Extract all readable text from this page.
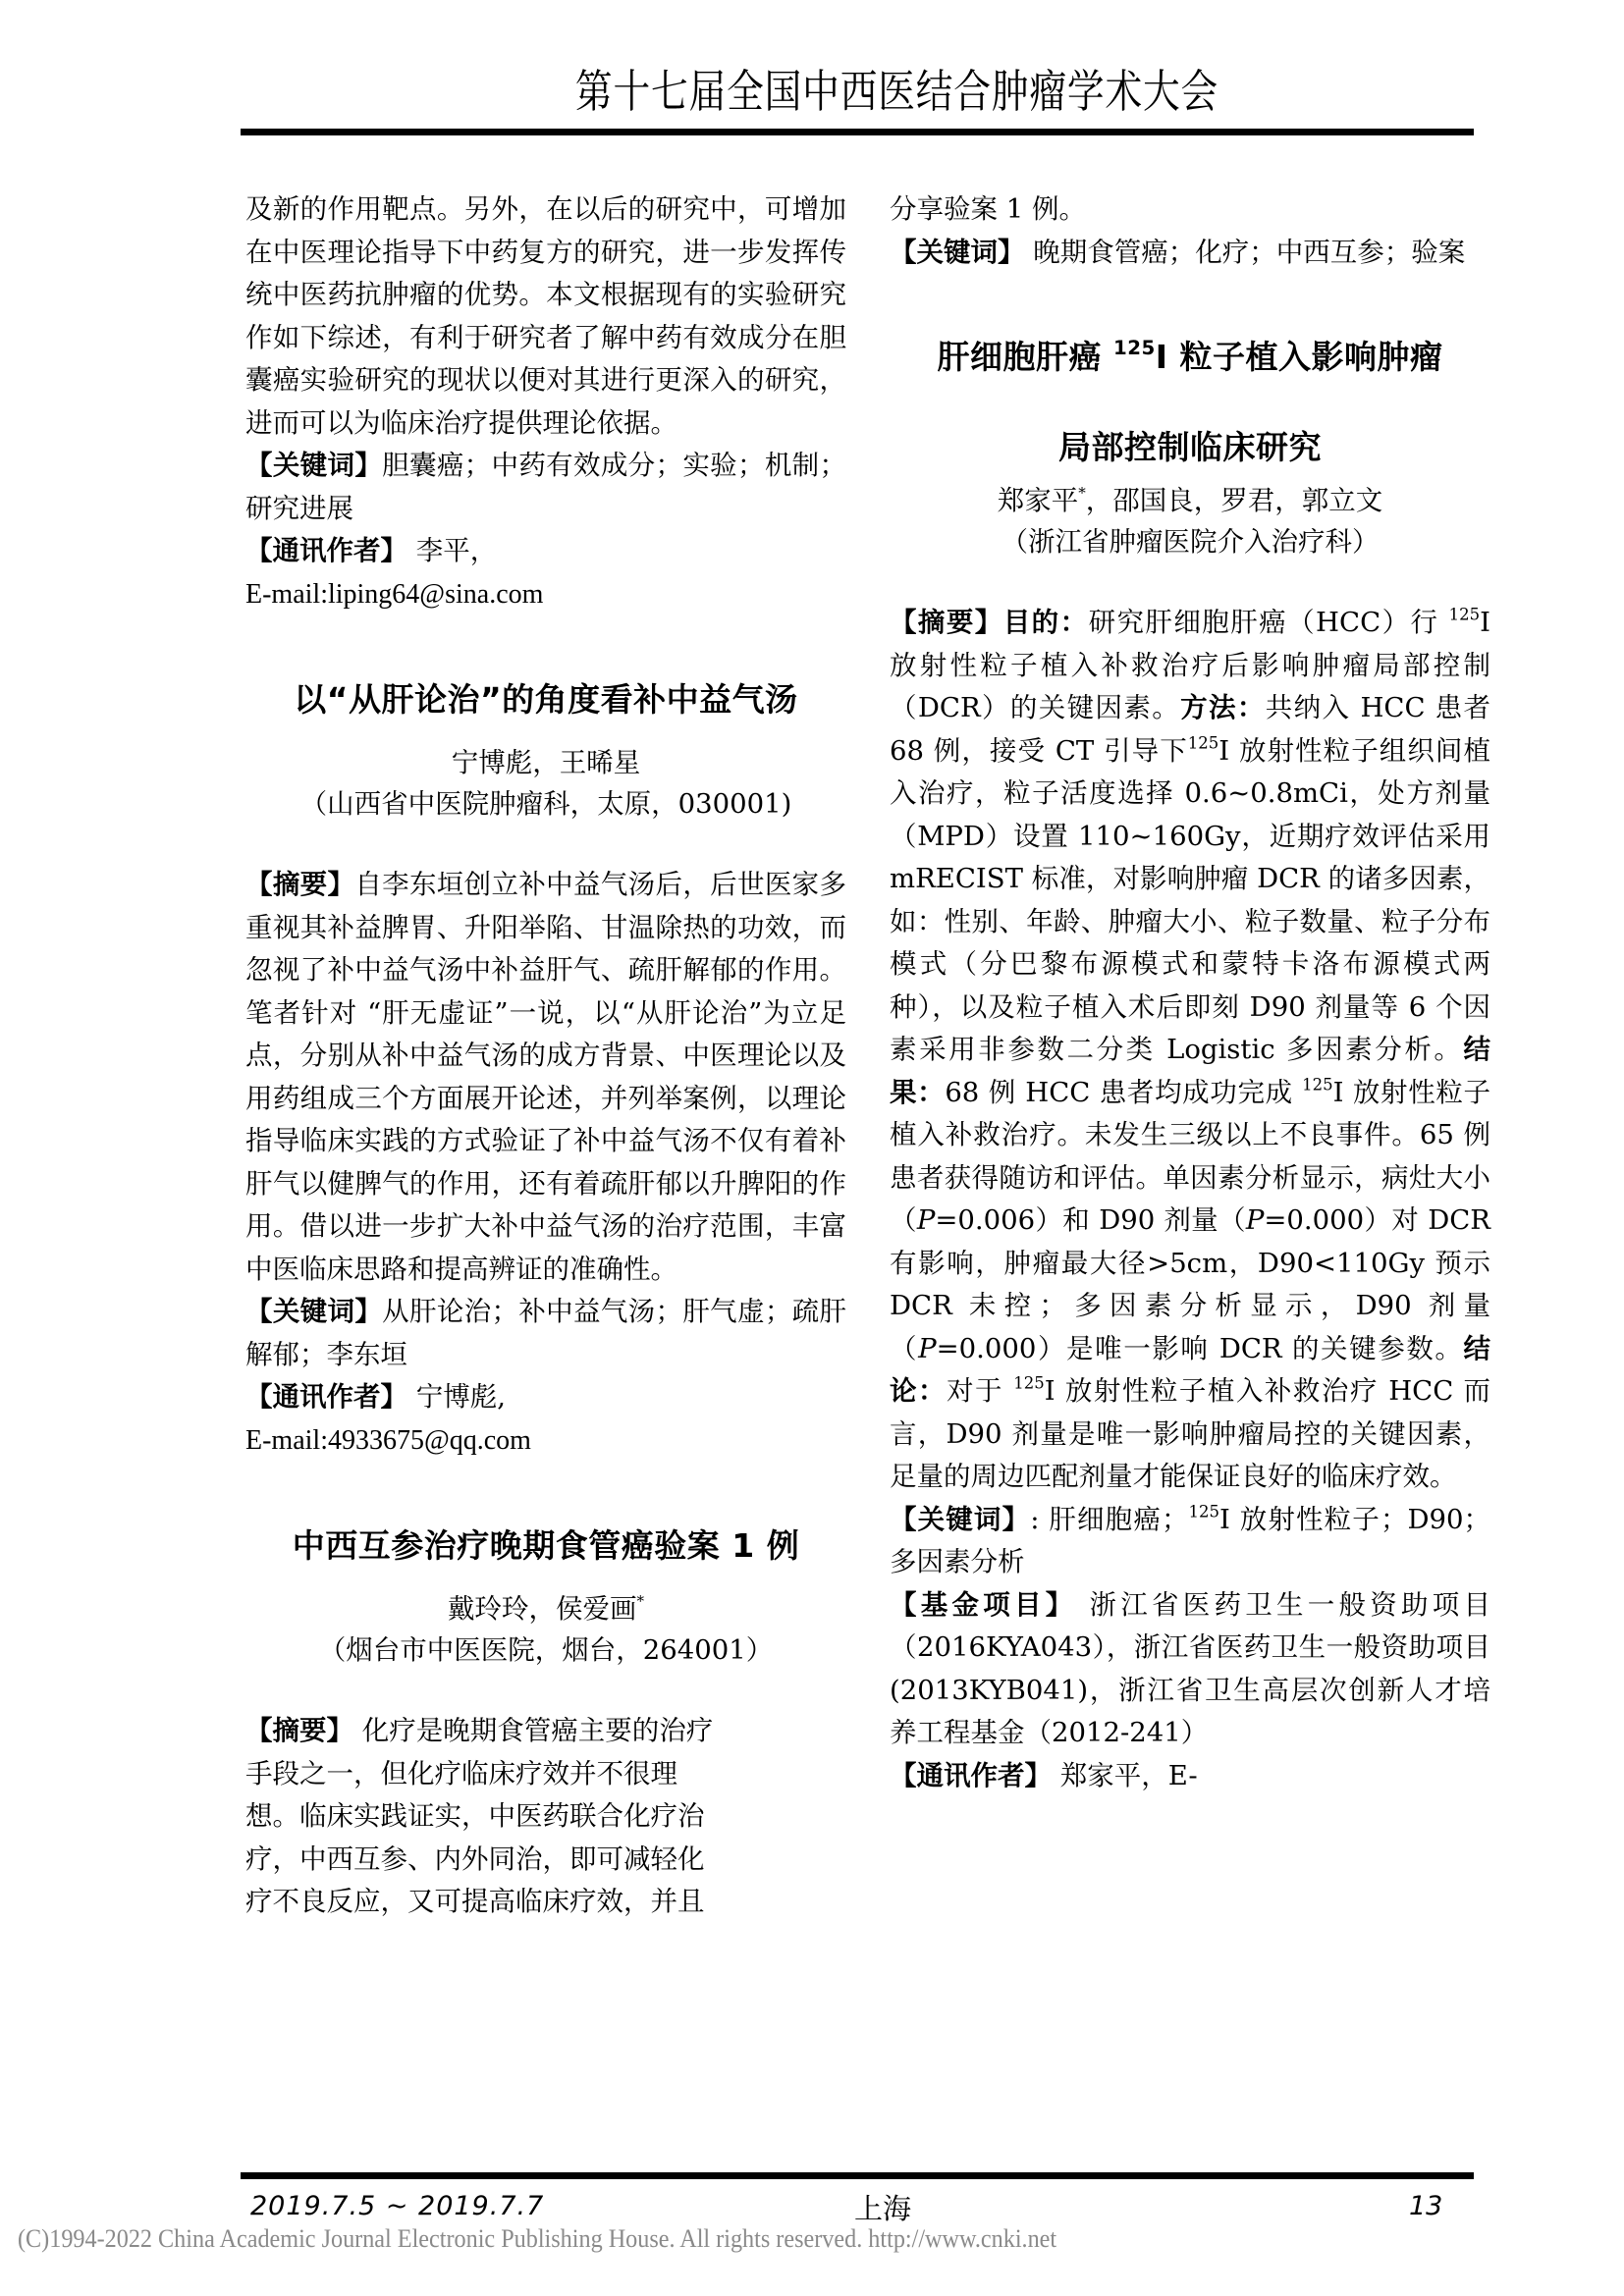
第十七届全国中西医结合肿瘤学术大会

及新的作用靶点。另外，在以后的研究中，可增加在中医理论指导下中药复方的研究，进一步发挥传统中医药抗肿瘤的优势。本文根据现有的实验研究作如下综述，有利于研究者了解中药有效成分在胆囊癌实验研究的现状以便对其进行更深入的研究，进而可以为临床治疗提供理论依据。

【关键词】胆囊癌；中药有效成分；实验；机制；研究进展

【通讯作者】 李平，

E-mail:liping64@sina.com
以“从肝论治”的角度看补中益气汤

宁博彪，王晞星

（山西省中医院肿瘤科，太原，030001)

【摘要】自李东垣创立补中益气汤后，后世医家多重视其补益脾胃、升阳举陷、甘温除热的功效，而忽视了补中益气汤中补益肝气、疏肝解郁的作用。笔者针对 “肝无虚证”一说，以“从肝论治”为立足点，分别从补中益气汤的成方背景、中医理论以及用药组成三个方面展开论述，并列举案例，以理论指导临床实践的方式验证了补中益气汤不仅有着补肝气以健脾气的作用，还有着疏肝郁以升脾阳的作用。借以进一步扩大补中益气汤的治疗范围，丰富中医临床思路和提高辨证的准确性。

【关键词】从肝论治；补中益气汤；肝气虚；疏肝解郁；李东垣

【通讯作者】 宁博彪,

E-mail:4933675@qq.com
中西互参治疗晚期食管癌验案 1 例

戴玲玲，侯爱画*

（烟台市中医医院，烟台，264001）

【摘要】 化疗是晚期食管癌主要的治疗
手段之一，但化疗临床疗效并不很理
想。临床实践证实，中医药联合化疗治
疗，中西互参、内外同治，即可减轻化
疗不良反应，又可提高临床疗效，并且

分享验案 1 例。

【关键词】 晚期食管癌；化疗；中西互参；验案

肝细胞肝癌 $^{125}$I 粒子植入影响肿瘤
局部控制临床研究

郑家平*，邵国良，罗君，郭立文

（浙江省肿瘤医院介入治疗科）

【摘要】目的：研究肝细胞肝癌（HCC）行 $^{125}$I 放射性粒子植入补救治疗后影响肿瘤局部控制（DCR）的关键因素。方法：共纳入 HCC 患者 68 例，接受 CT 引导下$^{125}$I 放射性粒子组织间植入治疗，粒子活度选择 0.6~0.8mCi，处方剂量（MPD）设置 110~160Gy，近期疗效评估采用 mRECIST 标准，对影响肿瘤 DCR 的诸多因素，如：性别、年龄、肿瘤大小、粒子数量、粒子分布模式（分巴黎布源模式和蒙特卡洛布源模式两种），以及粒子植入术后即刻 D90 剂量等 6 个因素采用非参数二分类 Logistic 多因素分析。结果：68 例 HCC 患者均成功完成 $^{125}$I 放射性粒子植入补救治疗。未发生三级以上不良事件。65 例患者获得随访和评估。单因素分析显示，病灶大小（P=0.006）和 D90 剂量（P=0.000）对 DCR 有影响，肿瘤最大径>5cm，D90<110Gy 预示 DCR 未控；多因素分析显示，D90 剂量（P=0.000）是唯一影响 DCR 的关键参数。结论：对于 $^{125}$I 放射性粒子植入补救治疗 HCC 而言，D90 剂量是唯一影响肿瘤局控的关键因素，足量的周边匹配剂量才能保证良好的临床疗效。

【关键词】: 肝细胞癌；$^{125}$I 放射性粒子；D90；多因素分析

【基金项目】 浙江省医药卫生一般资助项目（2016KYA043），浙江省医药卫生一般资助项目(2013KYB041)，浙江省卫生高层次创新人才培养工程基金（2012-241）

【通讯作者】 郑家平，E-

2019.7.5 ~ 2019.7.7	上海	13
(C)1994-2022 China Academic Journal Electronic Publishing House. All rights reserved. http://www.cnki.net
